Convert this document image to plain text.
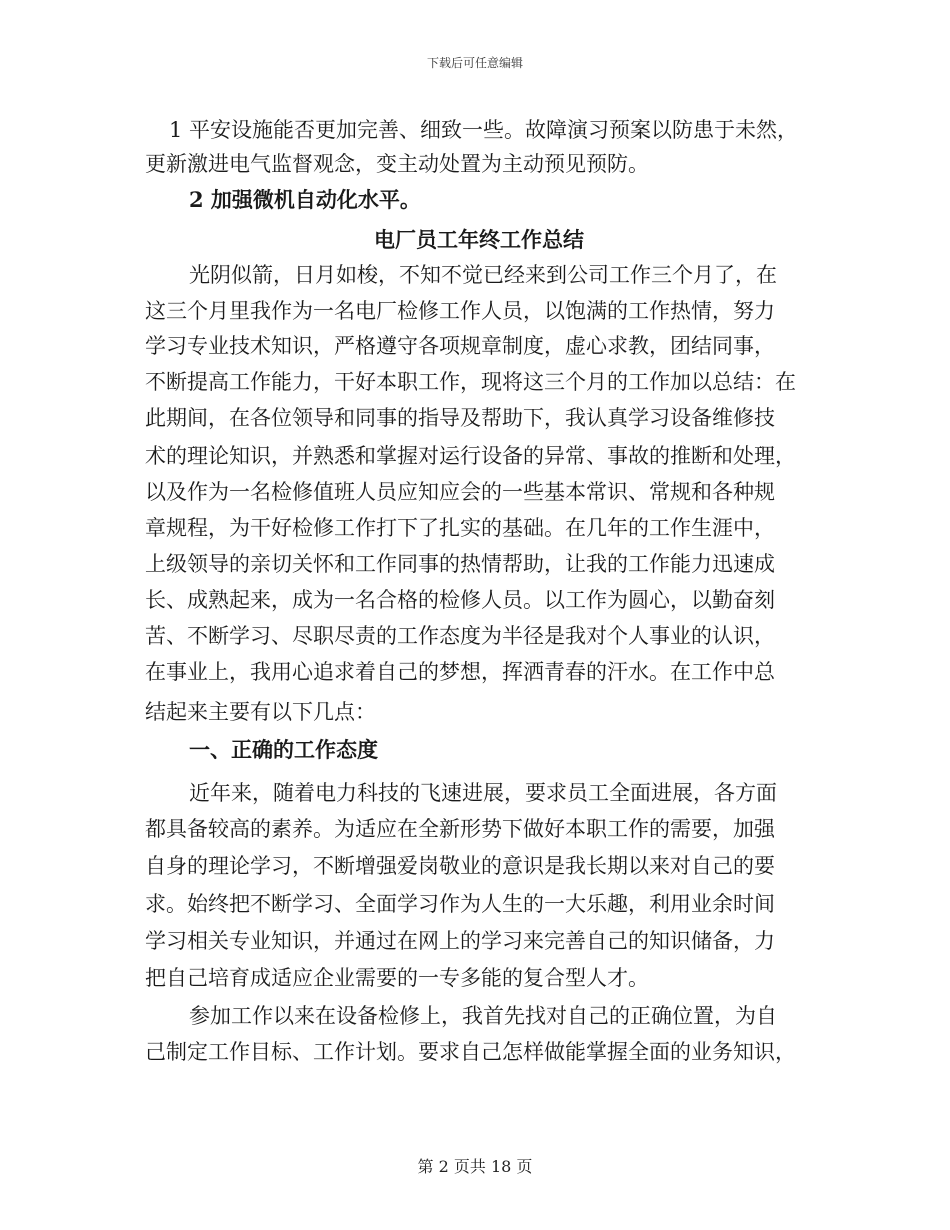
下载后可任意编辑
1 平安设施能否更加完善、细致一些。故障演习预案以防患于未然，
更新激进电气监督观念，变主动处置为主动预见预防。
2 加强微机自动化水平。
电厂员工年终工作总结
光阴似箭，日月如梭，不知不觉已经来到公司工作三个月了，在
这三个月里我作为一名电厂检修工作人员，以饱满的工作热情，努力
学习专业技术知识，严格遵守各项规章制度，虚心求教，团结同事，
不断提高工作能力，干好本职工作，现将这三个月的工作加以总结：在
此期间，在各位领导和同事的指导及帮助下，我认真学习设备维修技
术的理论知识，并熟悉和掌握对运行设备的异常、事故的推断和处理，
以及作为一名检修值班人员应知应会的一些基本常识、常规和各种规
章规程，为干好检修工作打下了扎实的基础。在几年的工作生涯中，
上级领导的亲切关怀和工作同事的热情帮助，让我的工作能力迅速成
长、成熟起来，成为一名合格的检修人员。以工作为圆心，以勤奋刻
苦、不断学习、尽职尽责的工作态度为半径是我对个人事业的认识，
在事业上，我用心追求着自己的梦想，挥洒青春的汗水。在工作中总
结起来主要有以下几点：
一、正确的工作态度
近年来，随着电力科技的飞速进展，要求员工全面进展，各方面
都具备较高的素养。为适应在全新形势下做好本职工作的需要，加强
自身的理论学习，不断增强爱岗敬业的意识是我长期以来对自己的要
求。始终把不断学习、全面学习作为人生的一大乐趣，利用业余时间
学习相关专业知识，并通过在网上的学习来完善自己的知识储备，力
把自己培育成适应企业需要的一专多能的复合型人才。
参加工作以来在设备检修上，我首先找对自己的正确位置，为自
己制定工作目标、工作计划。要求自己怎样做能掌握全面的业务知识，
第 2 页共 18 页
